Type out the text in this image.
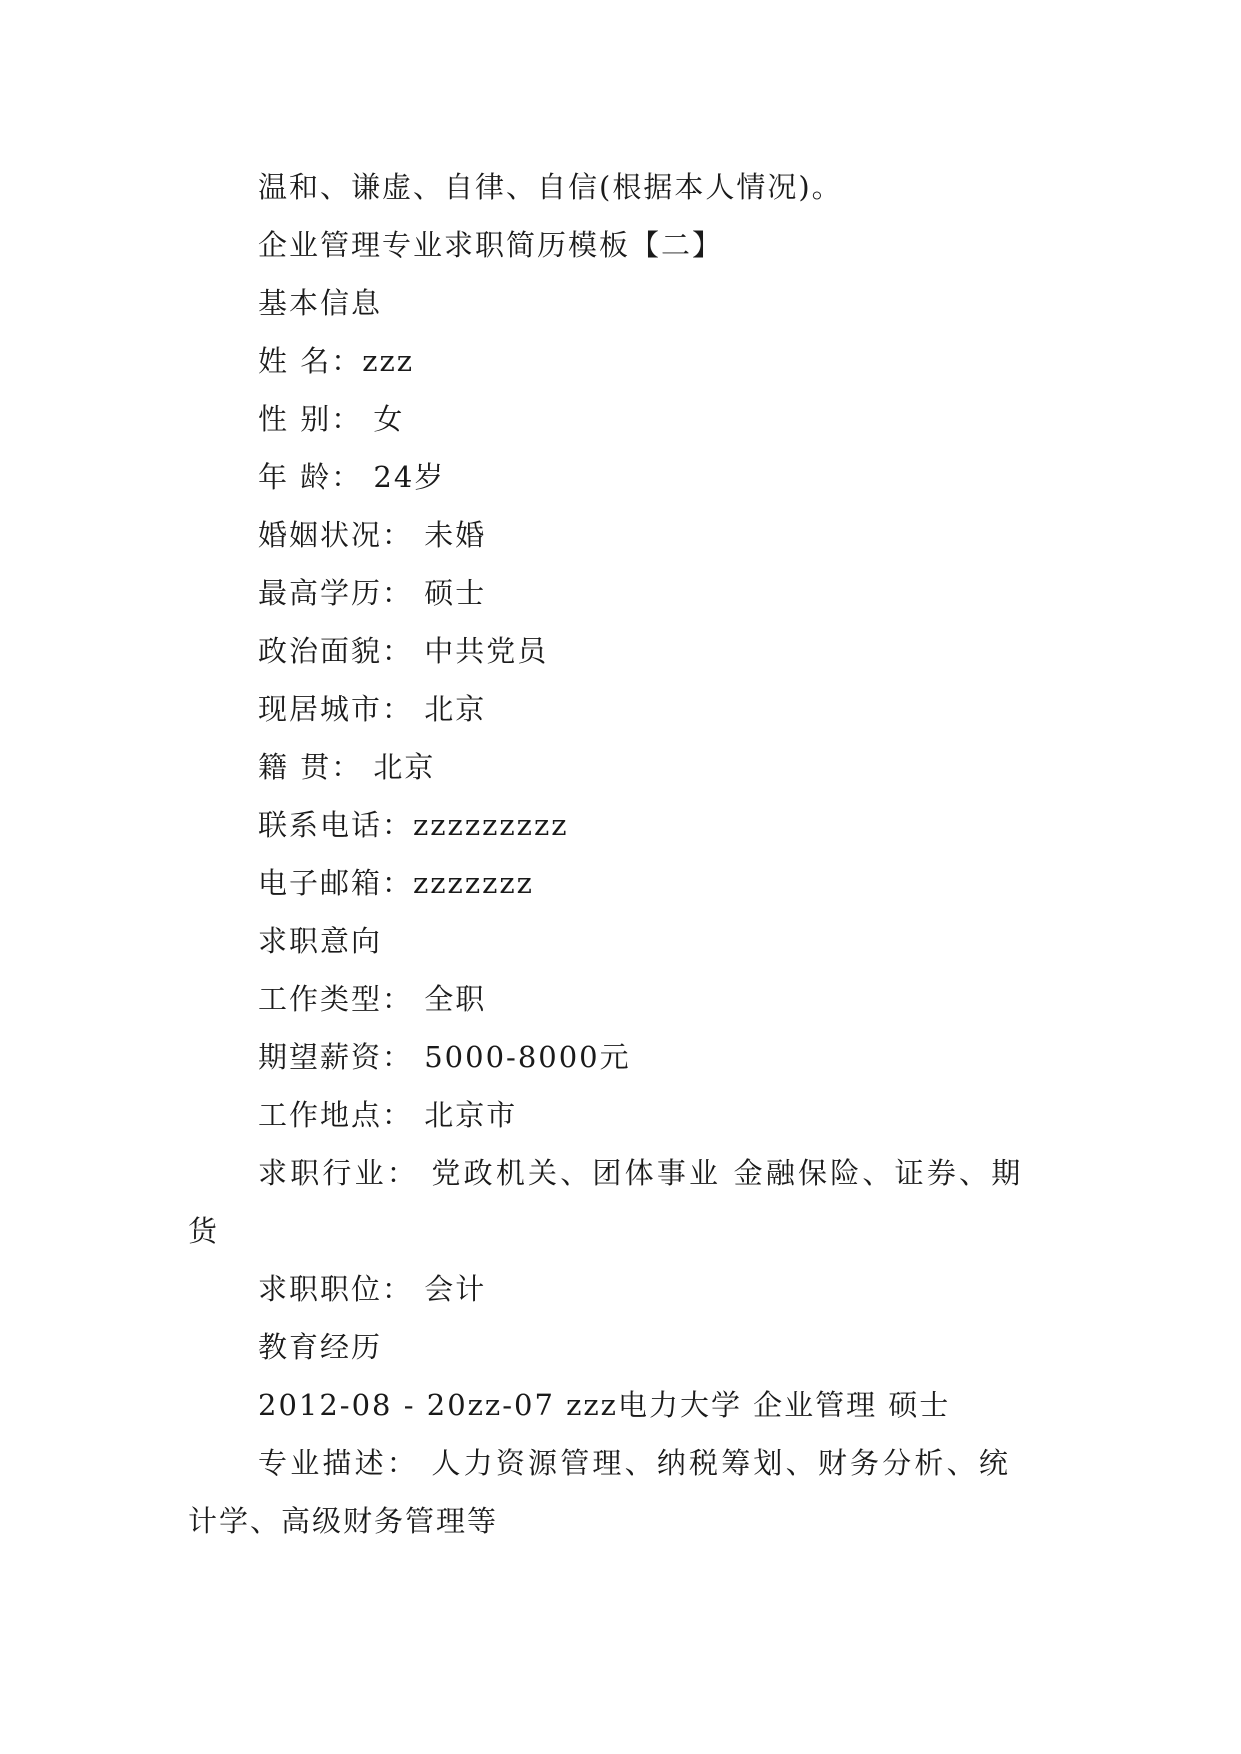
温和、谦虚、自律、自信(根据本人情况)。
企业管理专业求职简历模板【二】
基本信息
姓 名：zzz
性 别： 女
年 龄： 24岁
婚姻状况： 未婚
最高学历： 硕士
政治面貌： 中共党员
现居城市： 北京
籍 贯： 北京
联系电话：zzzzzzzzz
电子邮箱：zzzzzzz
求职意向
工作类型： 全职
期望薪资： 5000-8000元
工作地点： 北京市
求职行业： 党政机关、团体事业 金融保险、证券、期
货
求职职位： 会计
教育经历
2012-08 - 20zz-07 zzz电力大学 企业管理 硕士
专业描述： 人力资源管理、纳税筹划、财务分析、统
计学、高级财务管理等
